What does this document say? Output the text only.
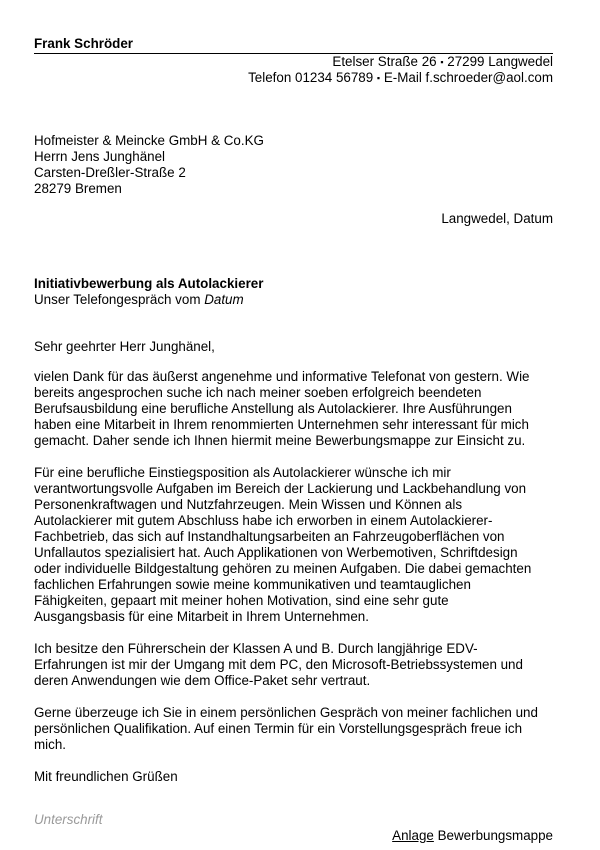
Frank Schröder
Etelser Straße 26 ▪ 27299 Langwedel
Telefon 01234 56789 ▪ E-Mail f.schroeder@aol.com
Hofmeister & Meincke GmbH & Co.KG
Herrn Jens Junghänel
Carsten-Dreßler-Straße 2
28279 Bremen
Langwedel, Datum
Initiativbewerbung als Autolackierer
Unser Telefongespräch vom Datum

Sehr geehrter Herr Junghänel,

vielen Dank für das äußerst angenehme und informative Telefonat von gestern. Wie
bereits angesprochen suche ich nach meiner soeben erfolgreich beendeten
Berufsausbildung eine berufliche Anstellung als Autolackierer. Ihre Ausführungen
haben eine Mitarbeit in Ihrem renommierten Unternehmen sehr interessant für mich
gemacht. Daher sende ich Ihnen hiermit meine Bewerbungsmappe zur Einsicht zu.

Für eine berufliche Einstiegsposition als Autolackierer wünsche ich mir
verantwortungsvolle Aufgaben im Bereich der Lackierung und Lackbehandlung von
Personenkraftwagen und Nutzfahrzeugen. Mein Wissen und Können als
Autolackierer mit gutem Abschluss habe ich erworben in einem Autolackierer-
Fachbetrieb, das sich auf Instandhaltungsarbeiten an Fahrzeugoberflächen von
Unfallautos spezialisiert hat. Auch Applikationen von Werbemotiven, Schriftdesign
oder individuelle Bildgestaltung gehören zu meinen Aufgaben. Die dabei gemachten
fachlichen Erfahrungen sowie meine kommunikativen und teamtauglichen
Fähigkeiten, gepaart mit meiner hohen Motivation, sind eine sehr gute
Ausgangsbasis für eine Mitarbeit in Ihrem Unternehmen.

Ich besitze den Führerschein der Klassen A und B. Durch langjährige EDV-
Erfahrungen ist mir der Umgang mit dem PC, den Microsoft-Betriebssystemen und
deren Anwendungen wie dem Office-Paket sehr vertraut.

Gerne überzeuge ich Sie in einem persönlichen Gespräch von meiner fachlichen und
persönlichen Qualifikation. Auf einen Termin für ein Vorstellungsgespräch freue ich
mich.

Mit freundlichen Grüßen

Unterschrift
Anlage Bewerbungsmappe
